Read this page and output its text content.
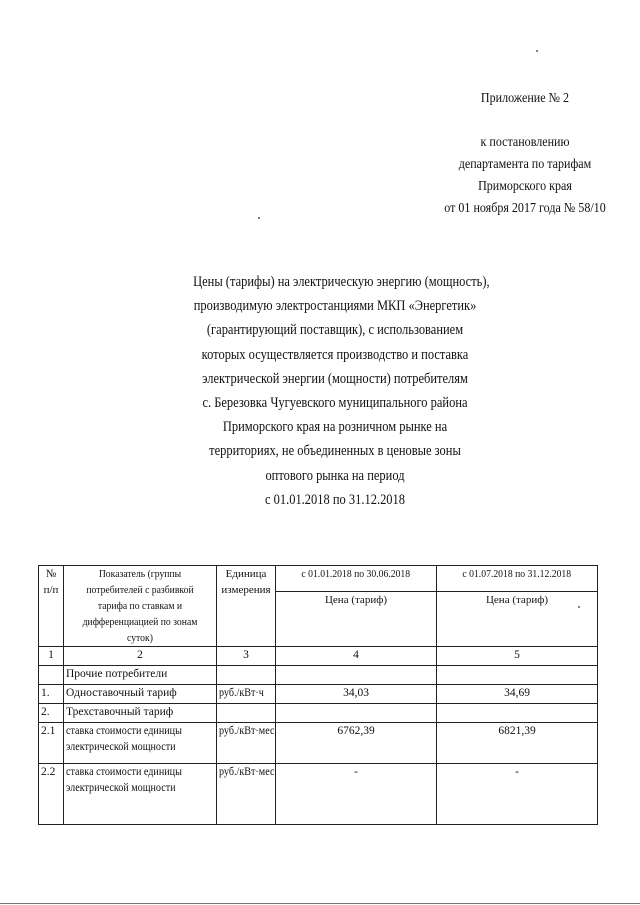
Приложение № 2
к постановлению
департамента по тарифам
Приморского края
от 01 ноября 2017 года № 58/10
Цены (тарифы) на электрическую энергию (мощность),
производимую электростанциями МКП «Энергетик»
(гарантирующий поставщик), с использованием
которых осуществляется производство и поставка
электрической энергии (мощности) потребителям
с. Березовка Чугуевского муниципального района
Приморского края на розничном рынке на
территориях, не объединенных в ценовые зоны
оптового рынка на период
с 01.01.2018 по 31.12.2018
№ п/п	Показатель (группы потребителей с разбивкой тарифа по ставкам и дифференциацией по зонам суток)	Единица измерения	с 01.01.2018 по 30.06.2018	с 01.07.2018 по 31.12.2018
			Цена (тариф)	Цена (тариф)
1	2	3	4	5
	Прочие потребители			
1.	Одноставочный тариф	руб./кВт·ч	34,03	34,69
2.	Трехставочный тариф			
2.1	ставка стоимости единицы электрической мощности	руб./кВт·мес	6762,39	6821,39
2.2	ставка стоимости единицы электрической мощности	руб./кВт·мес	-	-
